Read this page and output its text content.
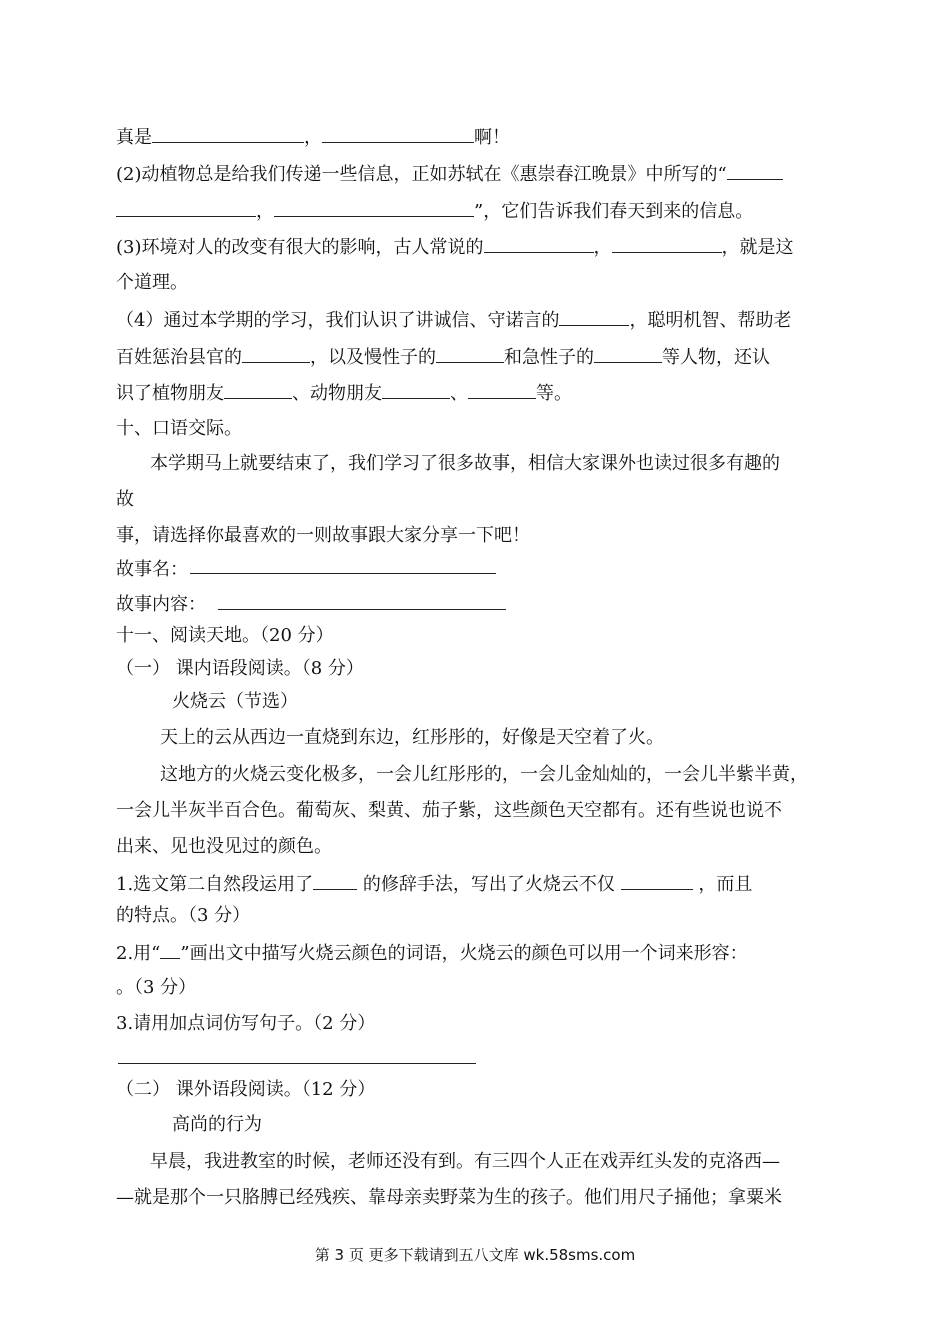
真是	，	啊！
(2)动植物总是给我们传递一些信息，正如苏轼在《惠崇春江晚景》中所写的“
，	”，它们告诉我们春天到来的信息。
(3)环境对人的改变有很大的影响，古人常说的	，	，就是这
个道理。
（4）通过本学期的学习，我们认识了讲诚信、守诺言的	，聪明机智、帮助老
百姓惩治县官的	，以及慢性子的	和急性子的	等人物，还认
识了植物朋友	、动物朋友	、	等。
十、口语交际。
本学期马上就要结束了，我们学习了很多故事，相信大家课外也读过很多有趣的
故
事，请选择你最喜欢的一则故事跟大家分享一下吧！
故事名：
故事内容：
十一、阅读天地。（20 分）
（一） 课内语段阅读。（8 分）
火烧云（节选）
天上的云从西边一直烧到东边，红彤彤的，好像是天空着了火。
这地方的火烧云变化极多，一会儿红彤彤的，一会儿金灿灿的，一会儿半紫半黄，
一会儿半灰半百合色。葡萄灰、梨黄、茄子紫，这些颜色天空都有。还有些说也说不
出来、见也没见过的颜色。
1.选文第二自然段运用了 的修辞手法，写出了火烧云不仅	，而且
的特点。（3 分）
2.用“ ”画出文中描写火烧云颜色的词语，火烧云的颜色可以用一个词来形容：
。（3 分）
3.请用加点词仿写句子。（2 分）
（二） 课外语段阅读。（12 分）
高尚的行为
早晨，我进教室的时候，老师还没有到。有三四个人正在戏弄红头发的克洛西—
—就是那个一只胳膊已经残疾、靠母亲卖野菜为生的孩子。他们用尺子捅他；拿粟米
第 3 页 更多下载请到五八文库 wk.58sms.com
